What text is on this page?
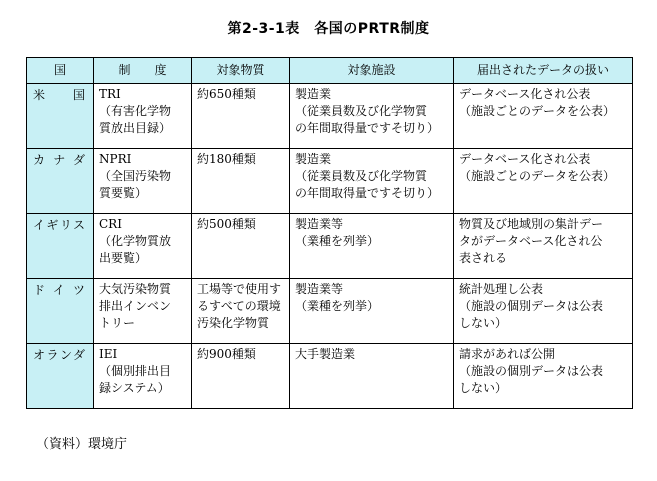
第2-3-1表　各国のPRTR制度
国	制　　度	対象物質	対象施設	届出されたデータの扱い
米　国	TRI
（有害化学物
質放出目録）	約650種類	製造業
（従業員数及び化学物質
の年間取得量ですそ切り）	データベース化され公表
（施設ごとのデータを公表）
カナダ	NPRI
（全国汚染物
質要覧）	約180種類	製造業
（従業員数及び化学物質
の年間取得量ですそ切り）	データベース化され公表
（施設ごとのデータを公表）
イギリス	CRI
（化学物質放
出要覧）	約500種類	製造業等
（業種を列挙）	物質及び地域別の集計デー
タがデータベース化され公
表される
ドイツ	大気汚染物質
排出インベン
トリー	工場等で使用す
るすべての環境
汚染化学物質	製造業等
（業種を列挙）	統計処理し公表
（施設の個別データは公表
しない）
オランダ	IEI
（個別排出目
録システム）	約900種類	大手製造業	請求があれば公開
（施設の個別データは公表
しない）
（資料）環境庁
